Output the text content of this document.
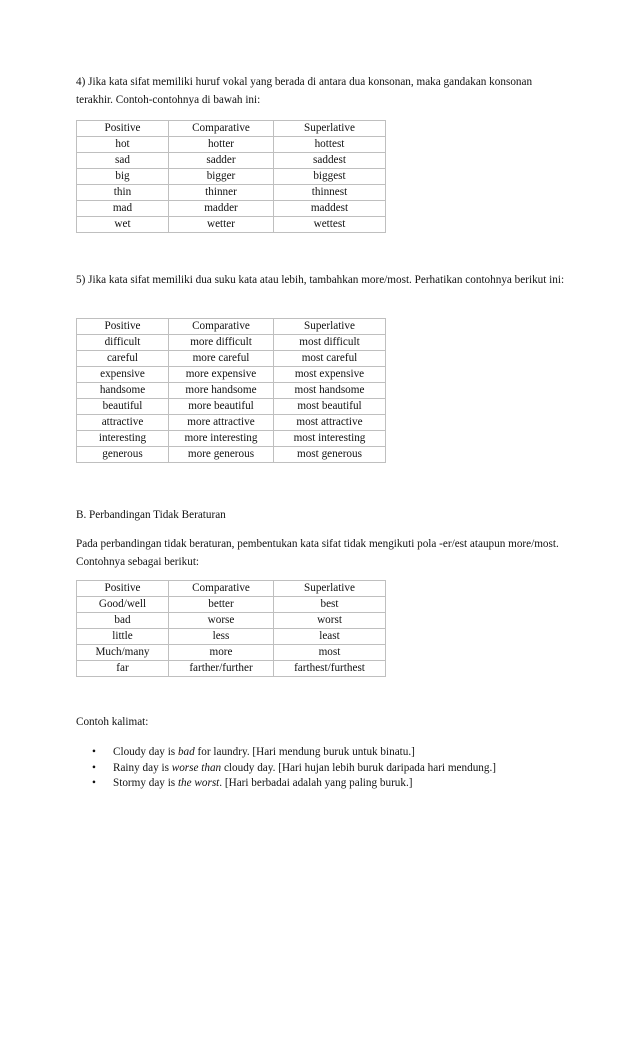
4) Jika kata sifat memiliki huruf vokal yang berada di antara dua konsonan, maka gandakan konsonan terakhir. Contoh-contohnya di bawah ini:

Positive	Comparative	Superlative
hot	hotter	hottest
sad	sadder	saddest
big	bigger	biggest
thin	thinner	thinnest
mad	madder	maddest
wet	wetter	wettest

5) Jika kata sifat memiliki dua suku kata atau lebih, tambahkan more/most. Perhatikan contohnya berikut ini:

Positive	Comparative	Superlative
difficult	more difficult	most difficult
careful	more careful	most careful
expensive	more expensive	most expensive
handsome	more handsome	most handsome
beautiful	more beautiful	most beautiful
attractive	more attractive	most attractive
interesting	more interesting	most interesting
generous	more generous	most generous

B. Perbandingan Tidak Beraturan

Pada perbandingan tidak beraturan, pembentukan kata sifat tidak mengikuti pola -er/est ataupun more/most. Contohnya sebagai berikut:

Positive	Comparative	Superlative
Good/well	better	best
bad	worse	worst
little	less	least
Much/many	more	most
far	farther/further	farthest/furthest

Contoh kalimat:

• Cloudy day is bad for laundry. [Hari mendung buruk untuk binatu.]
• Rainy day is worse than cloudy day. [Hari hujan lebih buruk daripada hari mendung.]
• Stormy day is the worst. [Hari berbadai adalah yang paling buruk.]
